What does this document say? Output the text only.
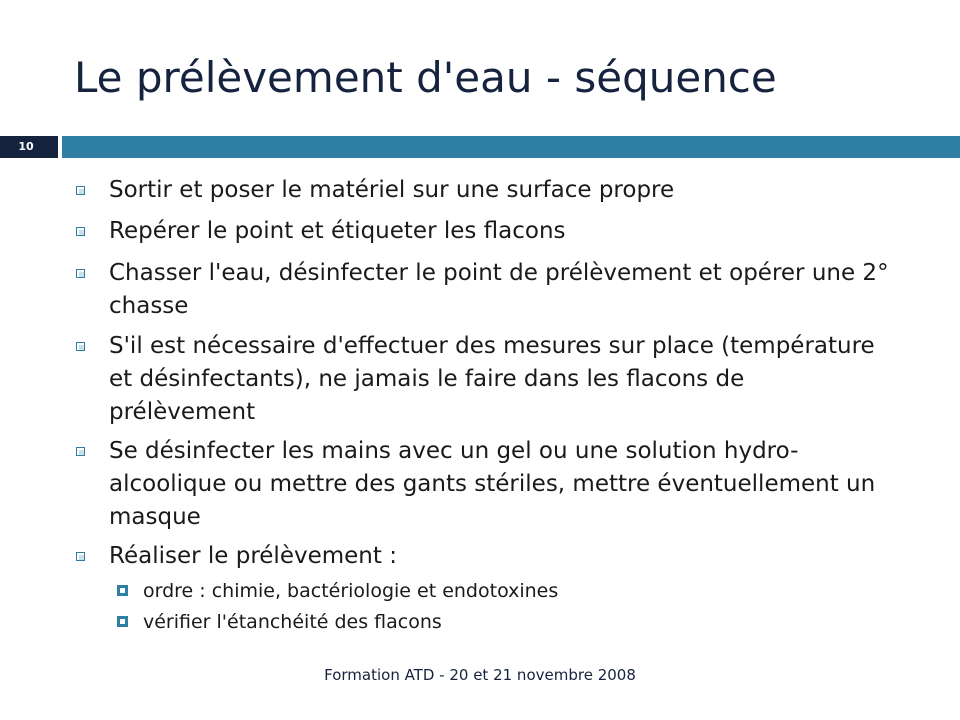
Le prélèvement d'eau - séquence
10
Sortir et poser le matériel sur une surface propre
Repérer le point et étiqueter les flacons
Chasser l'eau, désinfecter le point de prélèvement et opérer une 2° chasse
S'il est nécessaire d'effectuer des mesures sur place (température et désinfectants), ne jamais le faire dans les flacons de prélèvement
Se désinfecter les mains avec un gel ou une solution hydro-alcoolique ou mettre des gants stériles, mettre éventuellement un masque
Réaliser le prélèvement :
ordre : chimie, bactériologie et endotoxines
vérifier l'étanchéité des flacons
Formation ATD - 20 et 21 novembre 2008
